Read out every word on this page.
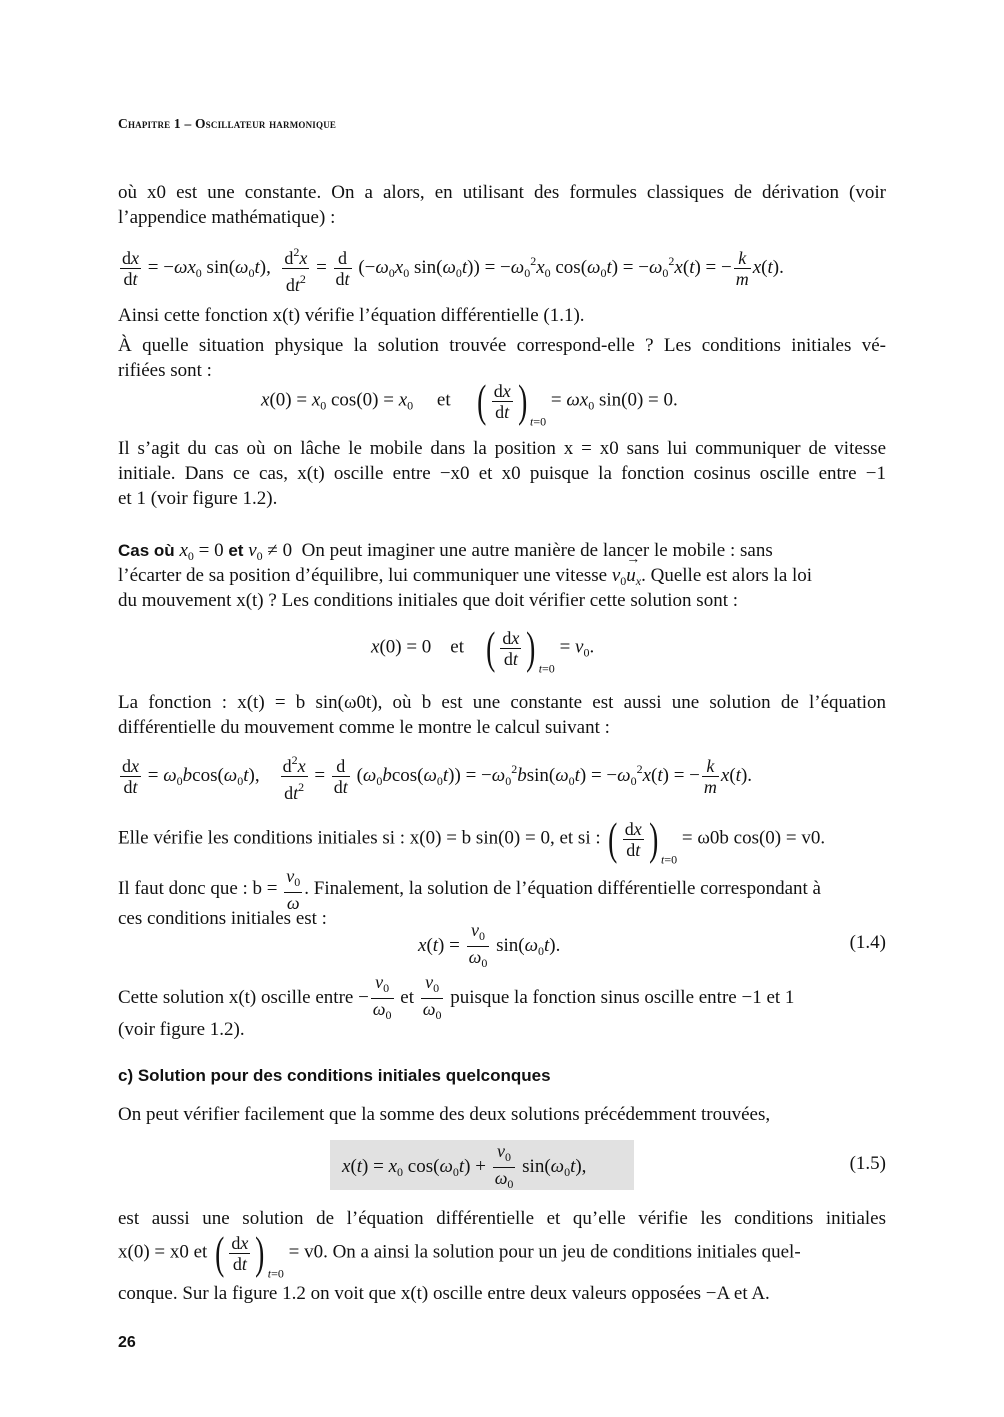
Chapitre 1 – Oscillateur harmonique
où x0 est une constante. On a alors, en utilisant des formules classiques de dérivation (voir
l’appendice mathématique) :
$\frac{dx}{dt} = -\omega x_0$ $\sin(\omega_0t)$, $\frac{d^2x}{dt^2} = \frac{d}{dt} (-\omega_0x_0$ $\sin(\omega_0t)) = -\omega_0^2x_0$ $\cos(\omega_0t) = -\omega_0^2x(t)$ = − $\frac{k}{m} x(t)$.
Ainsi cette fonction x(t) vérifie l’équation différentielle (1.1).
À quelle situation physique la solution trouvée correspond-elle ? Les conditions initiales vé-
rifiées sont :
$x(0) = x_0$ $\cos(0) = x_0$     et     ( $\frac{dx}{dt}$ ) $_{t=0} = \omega x_0$ sin(0) = 0.
Il s’agit du cas où on lâche le mobile dans la position x = x0 sans lui communiquer de vitesse
initiale. Dans ce cas, x(t) oscille entre −x0 et x0 puisque la fonction cosinus oscille entre −1
et 1 (voir figure 1.2).
Cas où $x_0 = 0$ et $v_0 \ne 0$  On peut imaginer une autre manière de lancer le mobile : sans
l’écarter de sa position d’équilibre, lui communiquer une vitesse $v_0\to u_x$. Quelle est alors la loi
du mouvement x(t) ? Les conditions initiales que doit vérifier cette solution sont :
x(0) = 0    et    ( $\frac{dx}{dt}$ ) $_{t=0} = v_0$.
La fonction : x(t) = b sin(ω0t), où b est une constante est aussi une solution de l’équation
différentielle du mouvement comme le montre le calcul suivant :
$\frac{dx}{dt} = \omega_0bcos(\omega_0t)$, $\frac{d^2x}{dt^2} = \frac{d}{dt} (\omega_0bcos(\omega_0t)) = -\omega_0^2bsin(\omega_0t) = -\omega_0^2x(t)$ = − $\frac{k}{m} x(t)$.
Elle vérifie les conditions initiales si : x(0) = b sin(0) = 0, et si : ( $\frac{dx}{dt}$ ) $_{t=0}$ = ω0b cos(0) = v0.
Il faut donc que : $b = \frac{v_0}{\omega}$ . Finalement, la solution de l’équation différentielle correspondant à
ces conditions initiales est :
$x(t) = \frac{v_0}{\omega_0} \sin(\omega_0t)$.	(1.4)
Cette solution x(t) oscille entre − $\frac{v_0}{\omega_0}$ et $\frac{v_0}{\omega_0}$ puisque la fonction sinus oscille entre −1 et 1
(voir figure 1.2).
c) Solution pour des conditions initiales quelconques
On peut vérifier facilement que la somme des deux solutions précédemment trouvées,
$x(t) = x_0$ $\cos(\omega_0t) + \frac{v_0}{\omega_0} \sin(\omega_0t)$,	(1.5)
est aussi une solution de l’équation différentielle et qu’elle vérifie les conditions initiales
x(0) = x0 et ( $\frac{dx}{dt}$ ) $_{t=0}$ = v0. On a ainsi la solution pour un jeu de conditions initiales quel-
conque. Sur la figure 1.2 on voit que x(t) oscille entre deux valeurs opposées −A et A.
26
